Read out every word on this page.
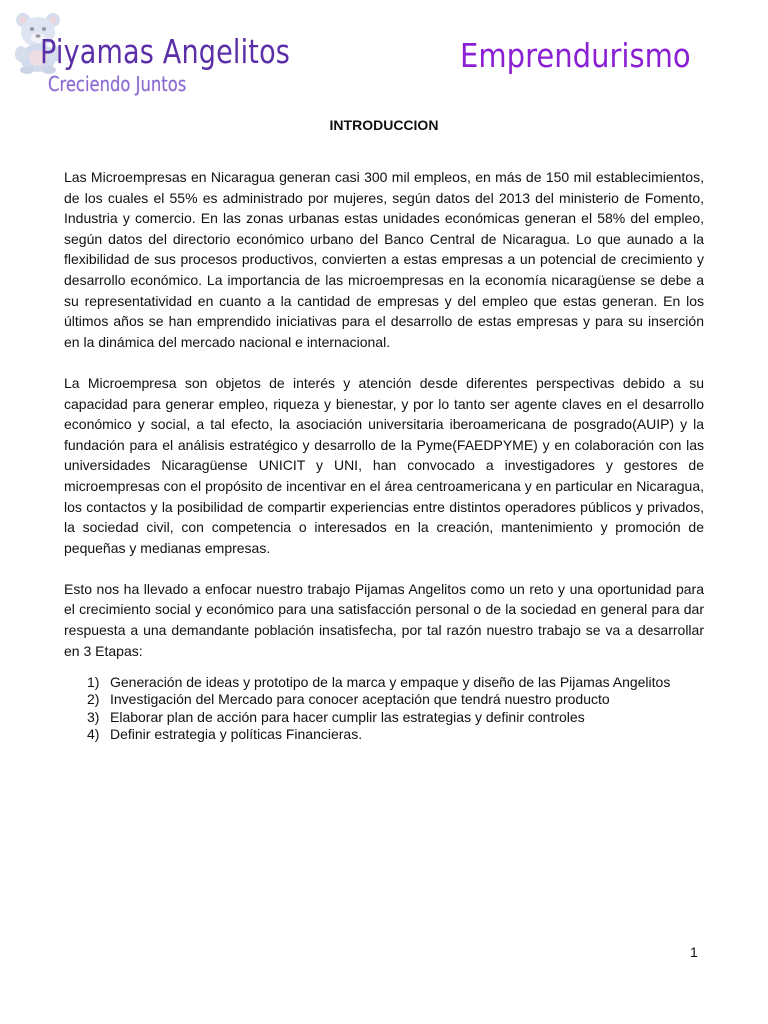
Piyamas Angelitos
Creciendo Juntos
Emprendurismo
INTRODUCCION

Las Microempresas en Nicaragua generan casi 300 mil empleos, en más de 150 mil establecimientos, de los cuales el 55% es administrado por mujeres, según datos del 2013 del ministerio de Fomento, Industria y comercio. En las zonas urbanas estas unidades económicas generan el 58% del empleo, según datos del directorio económico urbano del Banco Central de Nicaragua. Lo que aunado a la flexibilidad de sus procesos productivos, convierten a estas empresas a un potencial de crecimiento y desarrollo económico. La importancia de las microempresas en la economía nicaragüense se debe a su representatividad en cuanto a la cantidad de empresas y del empleo que estas generan. En los últimos años se han emprendido iniciativas para el desarrollo de estas empresas y para su inserción en la dinámica del mercado nacional e internacional.

La Microempresa son objetos de interés y atención desde diferentes perspectivas debido a su capacidad para generar empleo, riqueza y bienestar, y por lo tanto ser agente claves en el desarrollo económico y social, a tal efecto, la asociación universitaria iberoamericana de posgrado(AUIP) y la fundación para el análisis estratégico y desarrollo de la Pyme(FAEDPYME) y en colaboración con las universidades Nicaragüense UNICIT y UNI, han convocado a investigadores y gestores de microempresas con el propósito de incentivar en el área centroamericana y en particular en Nicaragua, los contactos y la posibilidad de compartir experiencias entre distintos operadores públicos y privados, la sociedad civil, con competencia o interesados en la creación, mantenimiento y promoción de pequeñas y medianas empresas.

Esto nos ha llevado a enfocar nuestro trabajo Pijamas Angelitos como un reto y una oportunidad para el crecimiento social y económico para una satisfacción personal o de la sociedad en general para dar respuesta a una demandante población insatisfecha, por tal razón nuestro trabajo se va a desarrollar en 3 Etapas:

1) Generación de ideas y prototipo de la marca y empaque y diseño de las Pijamas Angelitos
2) Investigación del Mercado para conocer aceptación que tendrá nuestro producto
3) Elaborar plan de acción para hacer cumplir las estrategias y definir controles
4) Definir estrategia y políticas Financieras.
1
